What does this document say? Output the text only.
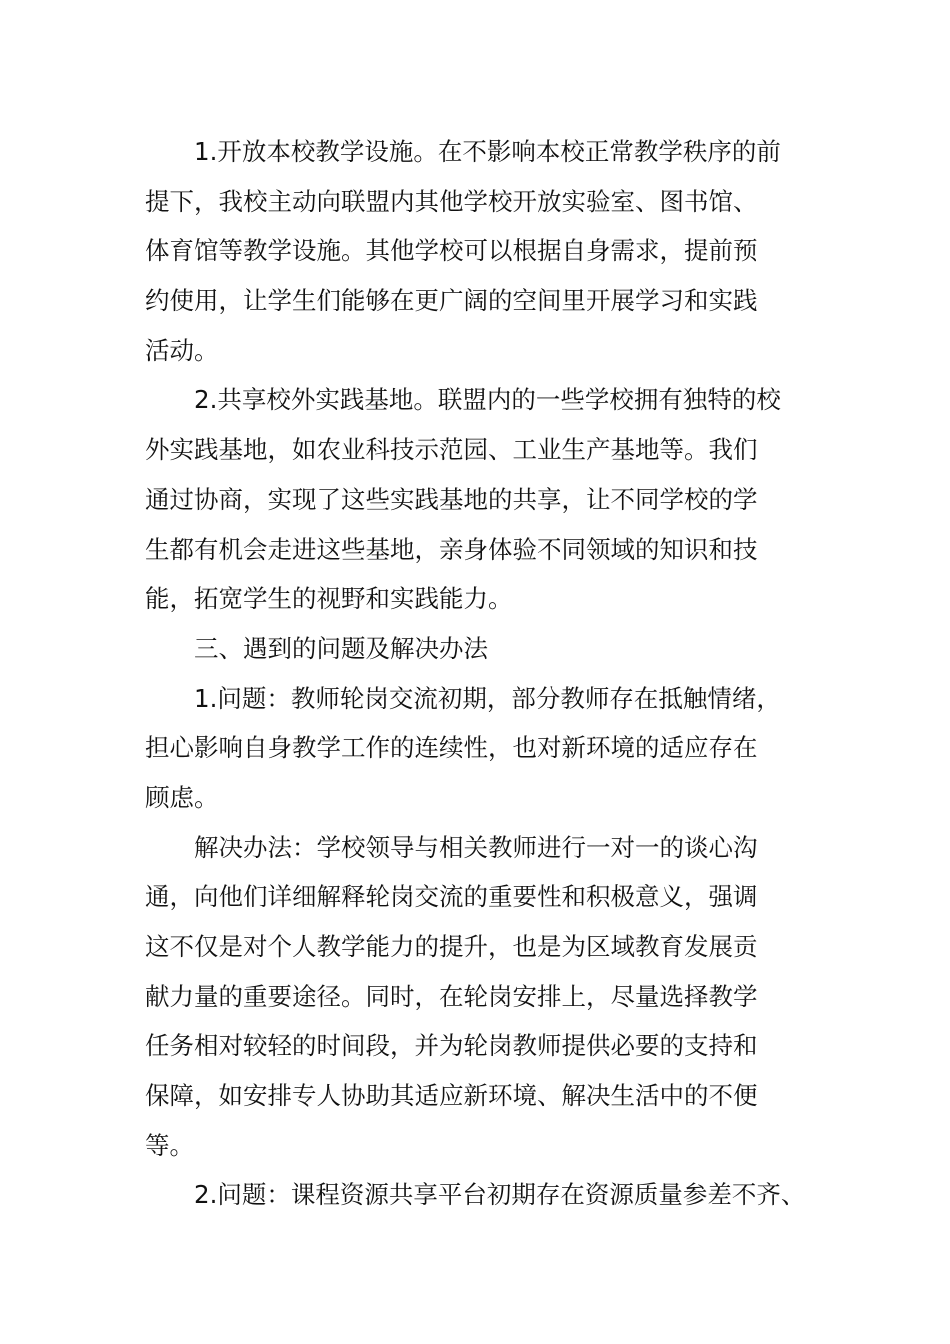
1.开放本校教学设施。在不影响本校正常教学秩序的前
提下，我校主动向联盟内其他学校开放实验室、图书馆、
体育馆等教学设施。其他学校可以根据自身需求，提前预
约使用，让学生们能够在更广阔的空间里开展学习和实践
活动。
2.共享校外实践基地。联盟内的一些学校拥有独特的校
外实践基地，如农业科技示范园、工业生产基地等。我们
通过协商，实现了这些实践基地的共享，让不同学校的学
生都有机会走进这些基地，亲身体验不同领域的知识和技
能，拓宽学生的视野和实践能力。
三、遇到的问题及解决办法
1.问题：教师轮岗交流初期，部分教师存在抵触情绪，
担心影响自身教学工作的连续性，也对新环境的适应存在
顾虑。
解决办法：学校领导与相关教师进行一对一的谈心沟
通，向他们详细解释轮岗交流的重要性和积极意义，强调
这不仅是对个人教学能力的提升，也是为区域教育发展贡
献力量的重要途径。同时，在轮岗安排上，尽量选择教学
任务相对较轻的时间段，并为轮岗教师提供必要的支持和
保障，如安排专人协助其适应新环境、解决生活中的不便
等。
2.问题：课程资源共享平台初期存在资源质量参差不齐、
